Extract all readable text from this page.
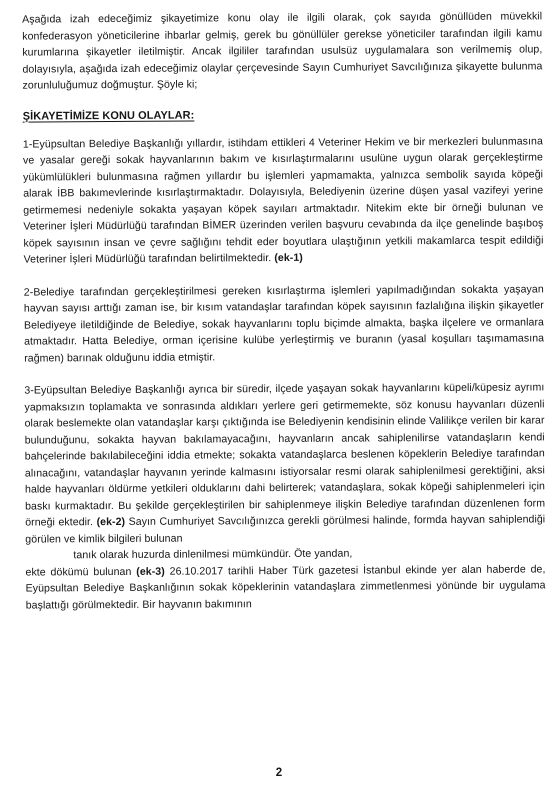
Aşağıda izah edeceğimiz şikayetimize konu olay ile ilgili olarak, çok sayıda gönüllüden müvekkil konfederasyon yöneticilerine ihbarlar gelmiş, gerek bu gönüllüler gerekse yöneticiler tarafından ilgili kamu kurumlarına şikayetler iletilmiştir. Ancak ilgililer tarafından usulsüz uygulamalara son verilmemiş olup, dolayısıyla, aşağıda izah edeceğimiz olaylar çerçevesinde Sayın Cumhuriyet Savcılığınıza şikayette bulunma zorunluluğumuz doğmuştur. Şöyle ki;

ŞİKAYETİMİZE KONU OLAYLAR:

1-Eyüpsultan Belediye Başkanlığı yıllardır, istihdam ettikleri 4 Veteriner Hekim ve bir merkezleri bulunmasına ve yasalar gereği sokak hayvanlarının bakım ve kısırlaştırmalarını usulüne uygun olarak gerçekleştirme yükümlülükleri bulunmasına rağmen yıllardır bu işlemleri yapmamakta, yalnızca sembolik sayıda köpeği alarak İBB bakımevlerinde kısırlaştırmaktadır. Dolayısıyla, Belediyenin üzerine düşen yasal vazifeyi yerine getirmemesi nedeniyle sokakta yaşayan köpek sayıları artmaktadır. Nitekim ekte bir örneği bulunan ve Veteriner İşleri Müdürlüğü tarafından BİMER üzerinden verilen başvuru cevabında da ilçe genelinde başıboş köpek sayısının insan ve çevre sağlığını tehdit eder boyutlara ulaştığının yetkili makamlarca tespit edildiği Veteriner İşleri Müdürlüğü tarafından belirtilmektedir. (ek-1)

2-Belediye tarafından gerçekleştirilmesi gereken kısırlaştırma işlemleri yapılmadığından sokakta yaşayan hayvan sayısı arttığı zaman ise, bir kısım vatandaşlar tarafından köpek sayısının fazlalığına ilişkin şikayetler Belediyeye iletildiğinde de Belediye, sokak hayvanlarını toplu biçimde almakta, başka ilçelere ve ormanlara atmaktadır. Hatta Belediye, orman içerisine kulübe yerleştirmiş ve buranın (yasal koşulları taşımamasına rağmen) barınak olduğunu iddia etmiştir.

3-Eyüpsultan Belediye Başkanlığı ayrıca bir süredir, ilçede yaşayan sokak hayvanlarını küpeli/küpesiz ayrımı yapmaksızın toplamakta ve sonrasında aldıkları yerlere geri getirmemekte, söz konusu hayvanları düzenli olarak beslemekte olan vatandaşlar karşı çıktığında ise Belediyenin kendisinin elinde Valilikçe verilen bir karar bulunduğunu, sokakta hayvan bakılamayacağını, hayvanların ancak sahiplenilirse vatandaşların kendi bahçelerinde bakılabileceğini iddia etmekte; sokakta vatandaşlarca beslenen köpeklerin Belediye tarafından alınacağını, vatandaşlar hayvanın yerinde kalmasını istiyorsalar resmi olarak sahiplenilmesi gerektiğini, aksi halde hayvanları öldürme yetkileri olduklarını dahi belirterek; vatandaşlara, sokak köpeği sahiplenmeleri için baskı kurmaktadır. Bu şekilde gerçekleştirilen bir sahiplenmeye ilişkin Belediye tarafından düzenlenen form örneği ektedir. (ek-2) Sayın Cumhuriyet Savcılığınızca gerekli görülmesi halinde, formda hayvan sahiplendiği görülen ve kimlik bilgileri bulunan

tanık olarak huzurda dinlenilmesi mümkündür. Öte yandan,

ekte dökümü bulunan (ek-3) 26.10.2017 tarihli Haber Türk gazetesi İstanbul ekinde yer alan haberde de, Eyüpsultan Belediye Başkanlığının sokak köpeklerinin vatandaşlara zimmetlenmesi yönünde bir uygulama başlattığı görülmektedir. Bir hayvanın bakımının

2
